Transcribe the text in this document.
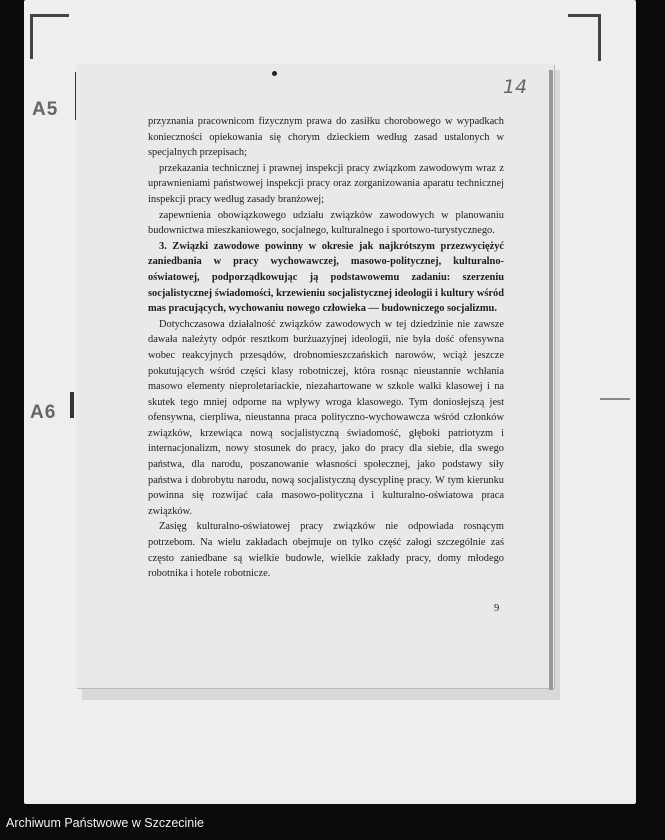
A5
A6
14

przyznania pracownicom fizycznym prawa do zasiłku chorobowego w wypadkach konieczności opiekowania się chorym dzieckiem według zasad ustalonych w specjalnych przepisach;

przekazania technicznej i prawnej inspekcji pracy związkom zawodowym wraz z uprawnieniami państwowej inspekcji pracy oraz zorganizowania aparatu technicznej inspekcji pracy według zasady branżowej;

zapewnienia obowiązkowego udziału związków zawodowych w planowaniu budownictwa mieszkaniowego, socjalnego, kulturalnego i sportowo-turystycznego.

3. Związki zawodowe powinny w okresie jak najkrótszym przezwyciężyć zaniedbania w pracy wychowawczej, masowo-politycznej, kulturalno-oświatowej, podporządkowując ją podstawowemu zadaniu: szerzeniu socjalistycznej świadomości, krzewieniu socjalistycznej ideologii i kultury wśród mas pracujących, wychowaniu nowego człowieka — budowniczego socjalizmu.

Dotychczasowa działalność związków zawodowych w tej dziedzinie nie zawsze dawała należyty odpór resztkom burżuazyjnej ideologii, nie była dość ofensywna wobec reakcyjnych przesądów, drobnomieszczańskich narowów, wciąż jeszcze pokutujących wśród części klasy robotniczej, która rosnąc nieustannie wchłania masowo elementy nieproletariackie, niezahartowane w szkole walki klasowej i na skutek tego mniej odporne na wpływy wroga klasowego. Tym doniosłejszą jest ofensywna, cierpliwa, nieustanna praca polityczno-wychowawcza wśród członków związków, krzewiąca nową socjalistyczną świadomość, głęboki patriotyzm i internacjonalizm, nowy stosunek do pracy, jako do pracy dla siebie, dla swego państwa, dla narodu, poszanowanie własności społecznej, jako podstawy siły państwa i dobrobytu narodu, nową socjalistyczną dyscyplinę pracy. W tym kierunku powinna się rozwijać cała masowo-polityczna i kulturalno-oświatowa praca związków.

Zasięg kulturalno-oświatowej pracy związków nie odpowiada rosnącym potrzebom. Na wielu zakładach obejmuje on tylko część załogi szczególnie zaś często zaniedbane są wielkie budowle, wielkie zakłady pracy, domy młodego robotnika i hotele robotnicze.

9
Archiwum Państwowe w Szczecinie
